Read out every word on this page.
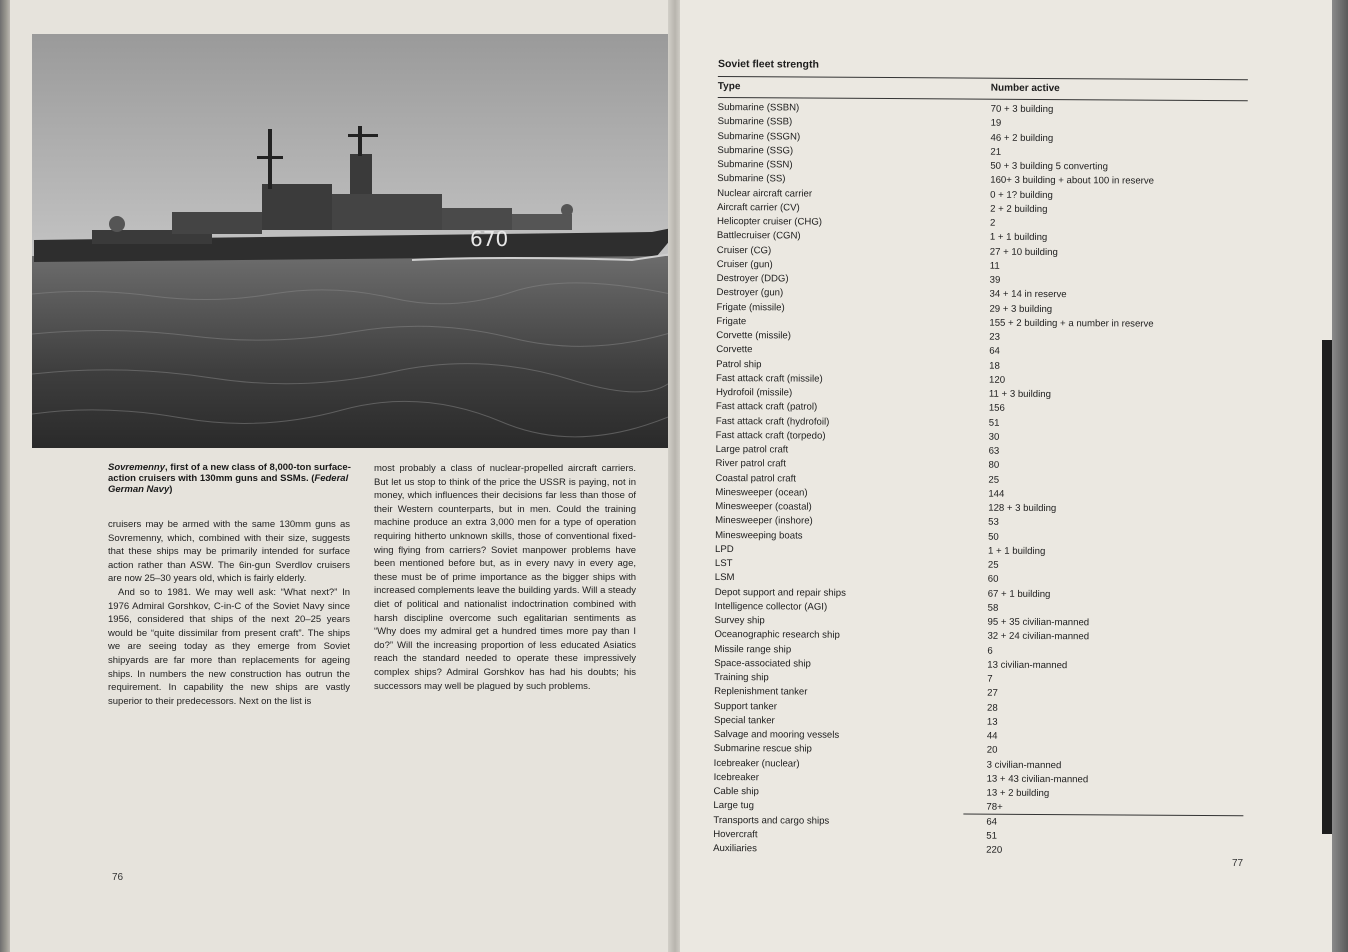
670
Sovremenny, first of a new class of 8,000-ton surface-action cruisers with 130mm guns and SSMs. (Federal German Navy)

cruisers may be armed with the same 130mm guns as Sovremenny, which, combined with their size, suggests that these ships may be primarily intended for surface action rather than ASW. The 6in-gun Sverdlov cruisers are now 25–30 years old, which is fairly elderly.

And so to 1981. We may well ask: “What next?” In 1976 Admiral Gorshkov, C-in-C of the Soviet Navy since 1956, considered that ships of the next 20–25 years would be “quite dissimilar from present craft”. The ships we are seeing today as they emerge from Soviet shipyards are far more than replacements for ageing ships. In numbers the new construction has outrun the requirement. In capability the new ships are vastly superior to their predecessors. Next on the list is

most probably a class of nuclear-propelled aircraft carriers. But let us stop to think of the price the USSR is paying, not in money, which influences their decisions far less than those of their Western counterparts, but in men. Could the training machine produce an extra 3,000 men for a type of operation requiring hitherto unknown skills, those of conventional fixed-wing flying from carriers? Soviet manpower problems have been mentioned before but, as in every navy in every age, these must be of prime importance as the bigger ships with increased complements leave the building yards. Will a steady diet of political and nationalist indoctrination combined with harsh discipline overcome such egalitarian sentiments as “Why does my admiral get a hundred times more pay than I do?” Will the increasing proportion of less educated Asiatics reach the standard needed to operate these impressively complex ships? Admiral Gorshkov has had his doubts; his successors may well be plagued by such problems.

76
Soviet fleet strength
Type	Number active
Submarine (SSBN)	70 + 3 building
Submarine (SSB)	19
Submarine (SSGN)	46 + 2 building
Submarine (SSG)	21
Submarine (SSN)	50 + 3 building 5 converting
Submarine (SS)	160+ 3 building + about 100 in reserve
Nuclear aircraft carrier	0 + 1? building
Aircraft carrier (CV)	2 + 2 building
Helicopter cruiser (CHG)	2
Battlecruiser (CGN)	1 + 1 building
Cruiser (CG)	27 + 10 building
Cruiser (gun)	11
Destroyer (DDG)	39
Destroyer (gun)	34 + 14 in reserve
Frigate (missile)	29 + 3 building
Frigate	155 + 2 building + a number in reserve
Corvette (missile)	23
Corvette	64
Patrol ship	18
Fast attack craft (missile)	120
Hydrofoil (missile)	11 + 3 building
Fast attack craft (patrol)	156
Fast attack craft (hydrofoil)	51
Fast attack craft (torpedo)	30
Large patrol craft	63
River patrol craft	80
Coastal patrol craft	25
Minesweeper (ocean)	144
Minesweeper (coastal)	128 + 3 building
Minesweeper (inshore)	53
Minesweeping boats	50
LPD	1 + 1 building
LST	25
LSM	60
Depot support and repair ships	67 + 1 building
Intelligence collector (AGI)	58
Survey ship	95 + 35 civilian-manned
Oceanographic research ship	32 + 24 civilian-manned
Missile range ship	6
Space-associated ship	13 civilian-manned
Training ship	7
Replenishment tanker	27
Support tanker	28
Special tanker	13
Salvage and mooring vessels	44
Submarine rescue ship	20
Icebreaker (nuclear)	3 civilian-manned
Icebreaker	13 + 43 civilian-manned
Cable ship	13 + 2 building
Large tug	78+
Transports and cargo ships	64
Hovercraft	51
Auxiliaries	220
77
